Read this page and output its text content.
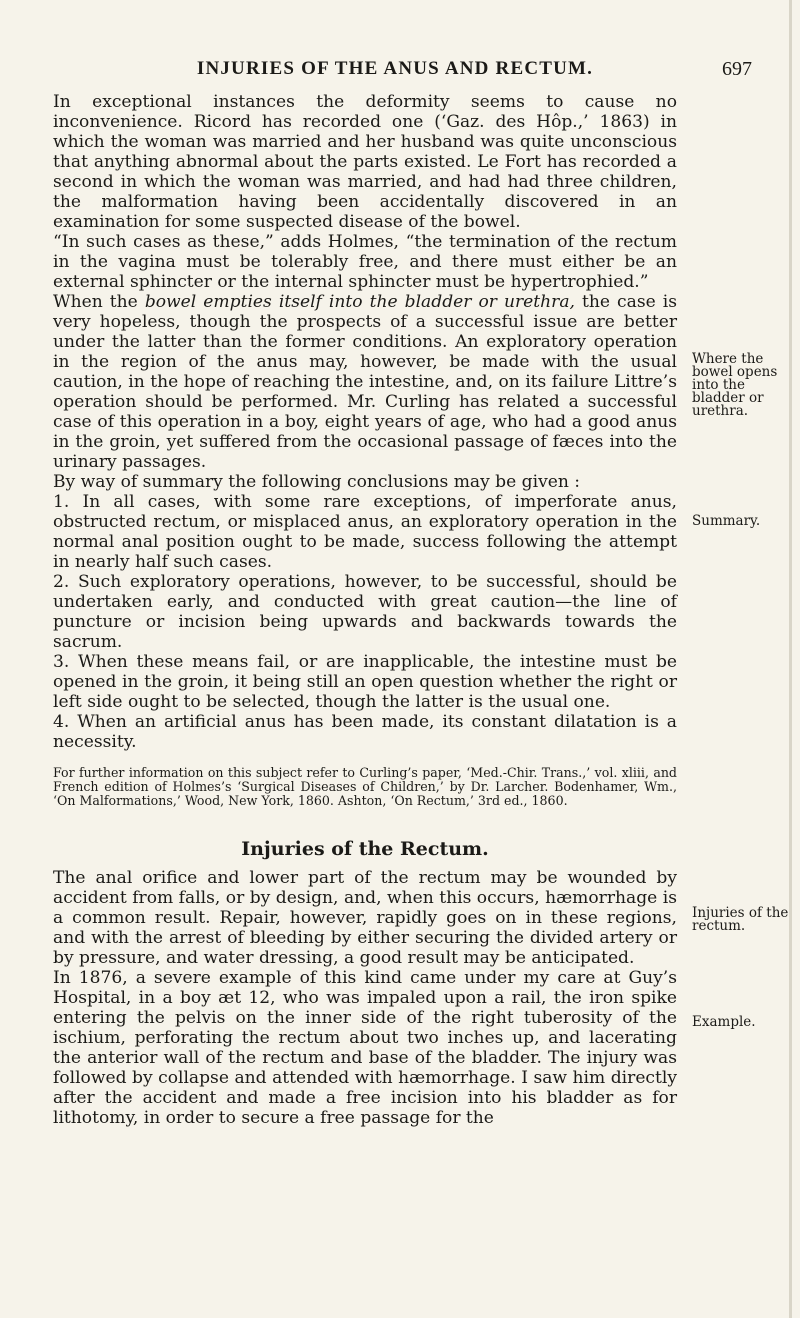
INJURIES OF THE ANUS AND RECTUM.	697

In exceptional instances the deformity seems to cause no inconvenience. Ricord has recorded one (‘Gaz. des Hôp.,’ 1863) in which the woman was married and her husband was quite unconscious that anything abnormal about the parts existed. Le Fort has recorded a second in which the woman was married, and had had three children, the malformation having been accidentally discovered in an examination for some suspected disease of the bowel.

“In such cases as these,” adds Holmes, “the termination of the rectum in the vagina must be tolerably free, and there must either be an external sphincter or the internal sphincter must be hypertrophied.”

When the bowel empties itself into the bladder or urethra, the case is very hopeless, though the prospects of a successful issue are better under the latter than the former conditions. An exploratory operation in the region of the anus may, however, be made with the usual caution, in the hope of reaching the intestine, and, on its failure Littre’s operation should be performed. Mr. Curling has related a successful case of this operation in a boy, eight years of age, who had a good anus in the groin, yet suffered from the occasional passage of fæces into the urinary passages.

By way of summary the following conclusions may be given :

1. In all cases, with some rare exceptions, of imperforate anus, obstructed rectum, or misplaced anus, an exploratory operation in the normal anal position ought to be made, success following the attempt in nearly half such cases.

2. Such exploratory operations, however, to be successful, should be undertaken early, and conducted with great caution—the line of puncture or incision being upwards and backwards towards the sacrum.

3. When these means fail, or are inapplicable, the intestine must be opened in the groin, it being still an open question whether the right or left side ought to be selected, though the latter is the usual one.

4. When an artificial anus has been made, its constant dilatation is a necessity.

For further information on this subject refer to Curling’s paper, ‘Med.-Chir. Trans.,’ vol. xliii, and French edition of Holmes’s ‘Surgical Diseases of Children,’ by Dr. Larcher. Bodenhamer, Wm., ‘On Malformations,’ Wood, New York, 1860. Ashton, ‘On Rectum,’ 3rd ed., 1860.

Injuries of the Rectum.

The anal orifice and lower part of the rectum may be wounded by accident from falls, or by design, and, when this occurs, hæmorrhage is a common result. Repair, however, rapidly goes on in these regions, and with the arrest of bleeding by either securing the divided artery or by pressure, and water dressing, a good result may be anticipated.

In 1876, a severe example of this kind came under my care at Guy’s Hospital, in a boy æt 12, who was impaled upon a rail, the iron spike entering the pelvis on the inner side of the right tuberosity of the ischium, perforating the rectum about two inches up, and lacerating the anterior wall of the rectum and base of the bladder. The injury was followed by collapse and attended with hæmorrhage. I saw him directly after the accident and made a free incision into his bladder as for lithotomy, in order to secure a free passage for the

Where the bowel opens into the bladder or urethra.
Summary.
Injuries of the rectum.
Example.
